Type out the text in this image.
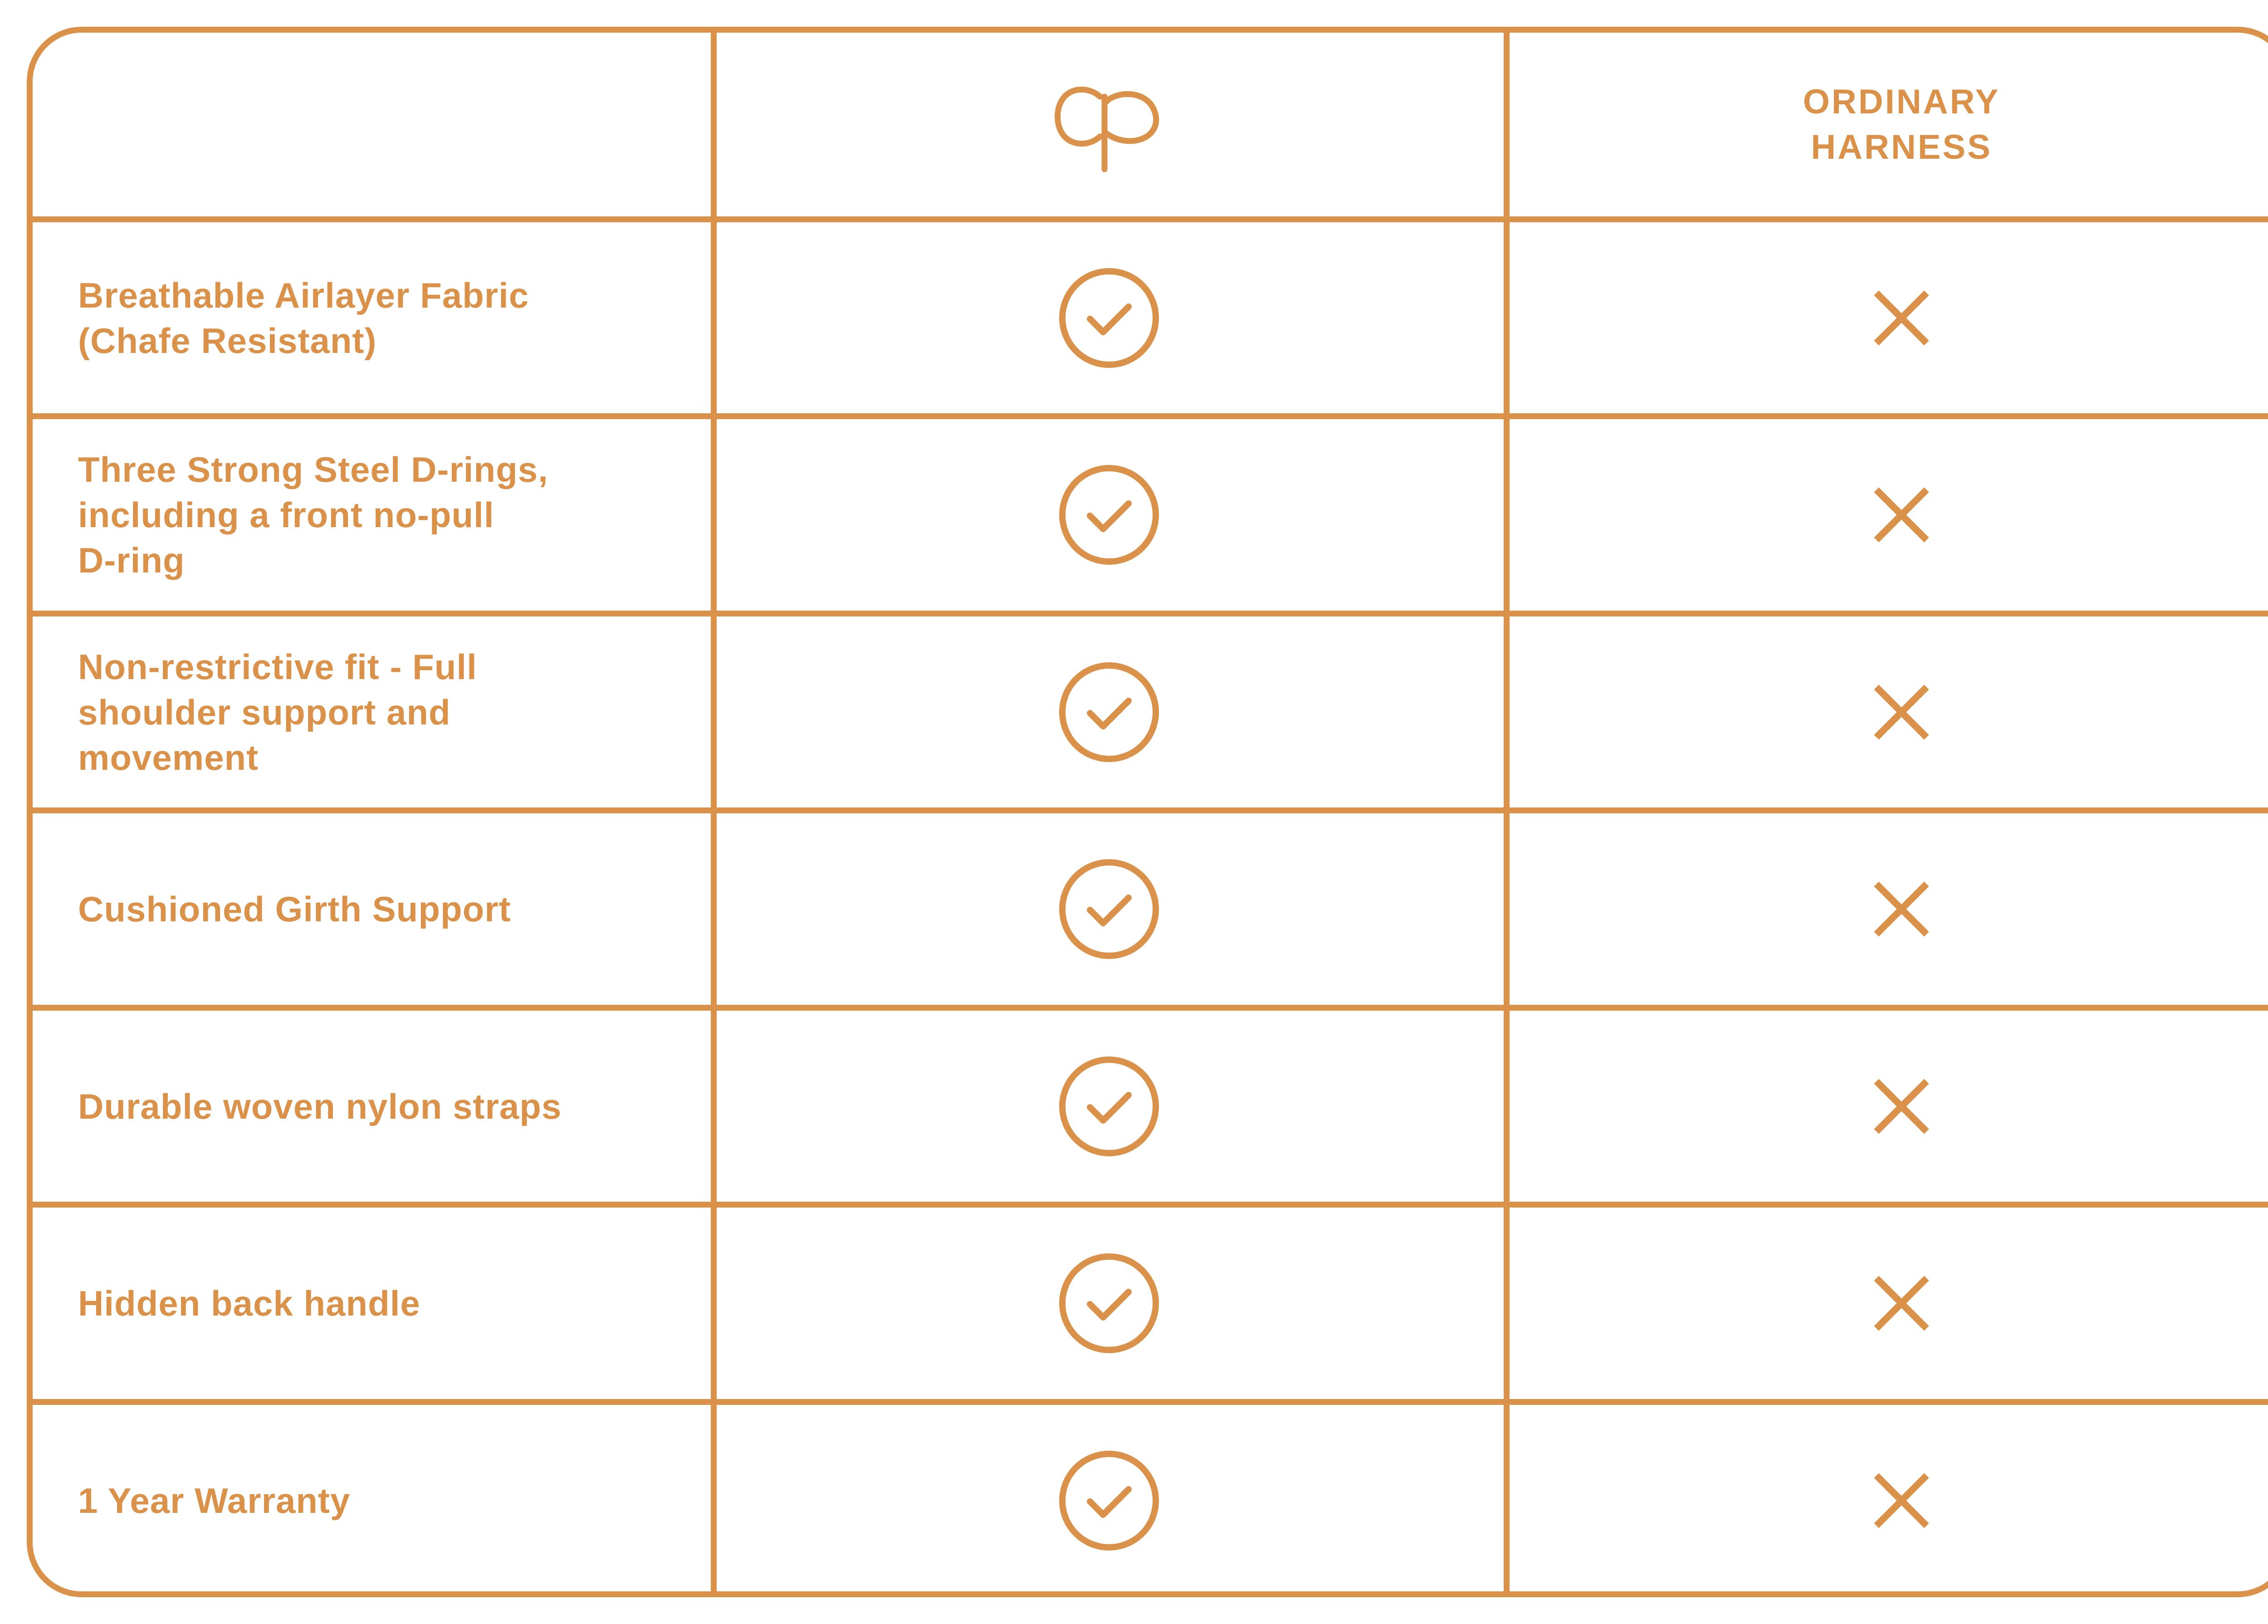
ORDINARY
HARNESS
Breathable Airlayer Fabric
(Chafe Resistant)
Three Strong Steel D-rings,
including a front no-pull
D-ring
Non-restrictive fit - Full
shoulder support and
movement
Cushioned Girth Support
Durable woven nylon straps
Hidden back handle
1 Year Warranty
